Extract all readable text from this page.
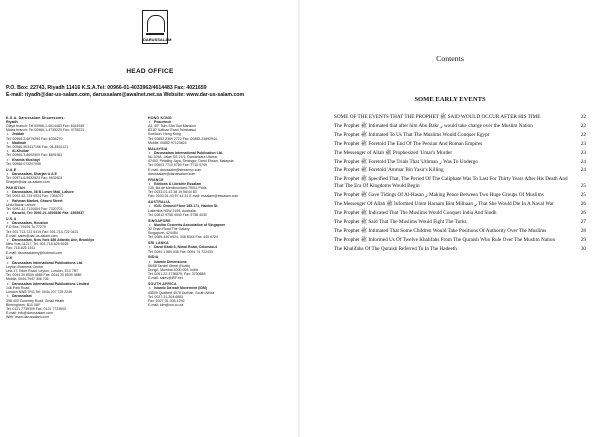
DARUSSALAM
HEAD OFFICE
P.O. Box: 22743, Riyadh 11416 K.S.A.Tel: 00966-01-4033962/4614483 Fax: 4021659
E-mail: riyadh@dar-us-salam.com, darussalam@awalnet.net.sa Website: www.dar-us-salam.com
K.S.A. Darussalam Showrooms:
Riyadh
Olaya branch: Tel 00966-1-4614483 Fax: 4644945
Malaz branch: Tel 00966-1-4735220 Fax: 4735221
• Jeddah
Tel: 00966-2-6879254 Fax: 6336270
• Madinah
Tel: 00966-503417156 Fax: 04-8151121
• Al-Khobar
Tel: 00966-3-8692900 Fax: 8691551
• Khamis Mushayt
Tel: 00966-072207055
U.A.E
• Darussalam, Sharjah U.A.E
Tel: 00971-6-5632623 Fax: 5632624
Sharjah@dar-us-salam.com
PAKISTAN
• Darussalam, 36 B Lower Mall, Lahore
Tel: 0092-42-724 0024 Fax: 7354072
• Rahman Market, Ghazni Street
Urdu Bazar Lahore
Tel: 0092-42-7120054 Fax: 7320703
• Karachi, Tel: 0092-21-4393936 Fax: 4393937
U.S.A
• Darussalam, Houston
P.O Box: 79194 Tx 77279
Tel: 001-713-722 0419 Fax: 001-713-722 0431
E-mail: sales@dar-us-salam.com
• Darussalam, New York 486 Atlantic Ave, Brooklyn
New York-11217, Tel: 001-718-625 5925
Fax: 718-625 1511
E-mail: darussalamny@hotmail.com
U.K
• Darussalam International Publications Ltd.
Leyton Business Centre
Unit-17, Etloe Road, Leyton, London, E10 7BT
Tel: 0044 20 8539 4885 Fax: 0044 20 8539 4889
Mobile: 0044-7947 306 706
• Darussalam International Publications Limited
146 Park Road
London NW8 7RG Tel: 0044 207 725 2246
• Darussalam
398-400 Coventry Road, Small Heath
Birmingham, B10 0UF
Tel: 0121 7739309 Fax: 0121 7723600
E-mail: info@darussalam.com
Web: www.darussalam.com
HONG KONG
• Peacetech
A2, 4/F Tsim Sha Tsui Mansion
83-87 Nathan Road Tsimbatsui
Kowloon, Hong Kong
Tel: 00852 2369 2722 Fax: 00852-23692944
Mobile: 00852 97123624
MALAYSIA
• Darussalam International Publication Ltd.
No.109A, Jalan SS 21/1, Damansara Utama,
47400, Petaling Jaya, Selangor, Darul Ehsan, Malaysia
Tel: 00603 7710 9750 Fax: 7710 0749
E-mail: darussalm@streamyx.com
darussalam@darussalam.com
FRANCE
• Editions & Librairie Essalam
135, Bd de Menilmontant-75011 Paris
Tel: 0033-01-43 38 19 56/44 83
Fax: 0033-01-43 57 44 31 E-mail: essalam@essalam.com
AUSTRALIA
• ICIS: Ground Floor 165-171, Haldon St.
Lakemba NSW 2195, Australia
Tel: 00612 9758 4040 Fax: 9758 4030
SINGAPORE
• Muslim Converts Association of Singapore
32 Onan Road The Galaxy
Singapore- 424484
Tel: 0065-440 6924, 348 8344 Fax: 440 6724
SRI LANKA
• Darul Kitab 6, Nimal Road, Colombo-4
Tel: 0094 1 589 038 Fax: 0094 74 722433
INDIA
• Islamic Dimensions
56/58 Tandel Street (North)
Dongri, Mumbai 4000 009, India
Tel: 0091-22-3736875, Fax: 3730689
E-mail: sales@IRF.net
SOUTH AFRICA
• Islamic Da'wah Movement (IDM)
48009 Qualbert 4078 Durban, South Africa
Tel: 0027-31-304-6883
Fax: 0027-31-305-1292
E-mail: idm@ion.co.za
Contents
SOME EARLY EVENTS
SOME OF THE EVENTS THAT THE PROPHET ﷺ SAID WOULD OCCUR AFTER HIS TIME	22
The Prophet ﷺ Intimated that after him Abu Bakr ر would take charge over the Muslim Nation	22
The Prophet ﷺ Intimated To Us That The Muslims Would Conquer Egypt	22
The Prophet ﷺ Foretold The End Of The Persian And Roman Empires	23
The Messenger of Allah ﷺ Prophesized 'Umar's Murder	23
The Prophet ﷺ Foretold The Trials That 'Uthman ر Was To Undergo	24
The Prophet ﷺ Foretold 'Ammar Bin Yasir's Killing	24
The Prophet ﷺ Specified That, The Period Of The Caliphate Was To Last For Thirty Years After His Death And That The Era Of Kingdoms Would Begin	25
The Prophet ﷺ Gave Tidings Of Al-Hasan ر Making Peace Between Two Huge Groups Of Muslims	25
The Messenger Of Allah ﷺ Informed Umm Haraam Bint Milhaan ر That She Would Die In A Naval War	26
The Prophet ﷺ Indicated That The Muslims Would Conquer India And Sindh	26
The Prophet ﷺ Said That The Muslims Would Fight The Turks	27
The Prophet ﷺ Intimated That Some Children Would Take Positions Of Authority Over The Muslims	28
The Prophet ﷺ Informed Us Of Twelve Khalifahs From The Quraish Who Rule Over The Muslim Nation	29
The Khalifahs Of The Quraish Referred To In The Hadeeth	30
